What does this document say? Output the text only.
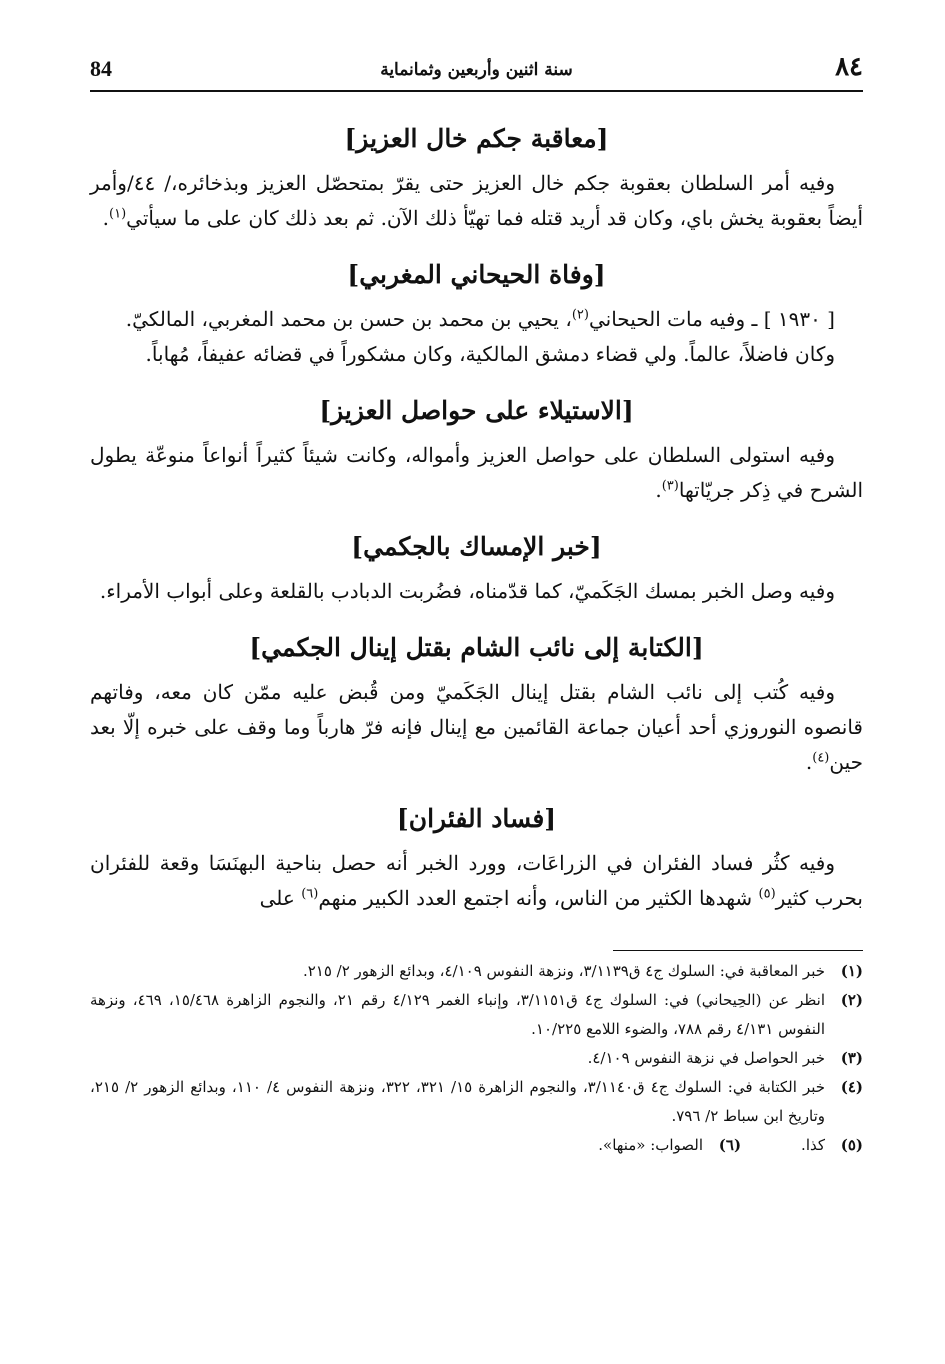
٨٤
سنة اثنين وأربعين وثمانماية
84
[معاقبة جكم خال العزيز]

وفيه أمر السلطان بعقوبة جكم خال العزيز حتى يقرّ بمتحصّل العزيز وبذخائره،/ ٤٤/وأمر أيضاً بعقوبة يخش باي، وكان قد أريد قتله فما تهيّأ ذلك الآن. ثم بعد ذلك كان على ما سيأتي$^{(١)}$.

[وفاة الحيحاني المغربي]

[ ١٩٣٠ ] ـ وفيه مات الحيحاني$^{(٢)}$، يحيي بن محمد بن حسن بن محمد المغربي، المالكيّ.

وكان فاضلاً، عالماً. ولي قضاء دمشق المالكية، وكان مشكوراً في قضائه عفيفاً، مُهاباً.

[الاستيلاء على حواصل العزيز]

وفيه استولى السلطان على حواصل العزيز وأمواله، وكانت شيئاً كثيراً أنواعاً منوعّة يطول الشرح في ذِكر جريّاتها$^{(٣)}$.

[خبر الإمساك بالجكمي]

وفيه وصل الخبر بمسك الجَكَميّ، كما قدّمناه، فضُربت الدبادب بالقلعة وعلى أبواب الأمراء.

[الكتابة إلى نائب الشام بقتل إينال الجكمي]

وفيه كُتب إلى نائب الشام بقتل إينال الجَكَميّ ومن قُبض عليه ممّن كان معه، وفاتهم قانصوه النوروزي أحد أعيان جماعة القائمين مع إينال فإنه فرّ هارباً وما وقف على خبره إلّا بعد حين$^{(٤)}$.

[فساد الفئران]

وفيه كثُر فساد الفئران في الزراعَات، وورد الخبر أنه حصل بناحية البهنَسَا وقعة للفئران بحرب كثير$^{(٥)}$ شهدها الكثير من الناس، وأنه اجتمع العدد الكبير منهم$^{(٦)}$ على

(١)
خبر المعاقبة في: السلوك ج٤ ق٣/١١٣٩، ونزهة النفوس ٤/١٠٩، وبدائع الزهور ٢/ ٢١٥.
(٢)
انظر عن (الحِيحاني) في: السلوك ج٤ ق٣/١١٥١، وإنباء الغمر ٤/١٢٩ رقم ٢١، والنجوم الزاهرة ١٥/٤٦٨، ٤٦٩، ونزهة النفوس ٤/١٣١ رقم ٧٨٨، والضوء اللامع ١٠/٢٢٥.
(٣)
خبر الحواصل في نزهة النفوس ٤/١٠٩.
(٤)
خبر الكتابة في: السلوك ج٤ ق٣/١١٤٠، والنجوم الزاهرة ١٥/ ٣٢١، ٣٢٢، ونزهة النفوس ٤/ ١١٠، وبدائع الزهور ٢/ ٢١٥، وتاريخ ابن سباط ٢/ ٧٩٦.
(٥)
كذا.
(٦)
الصواب: «منها».
